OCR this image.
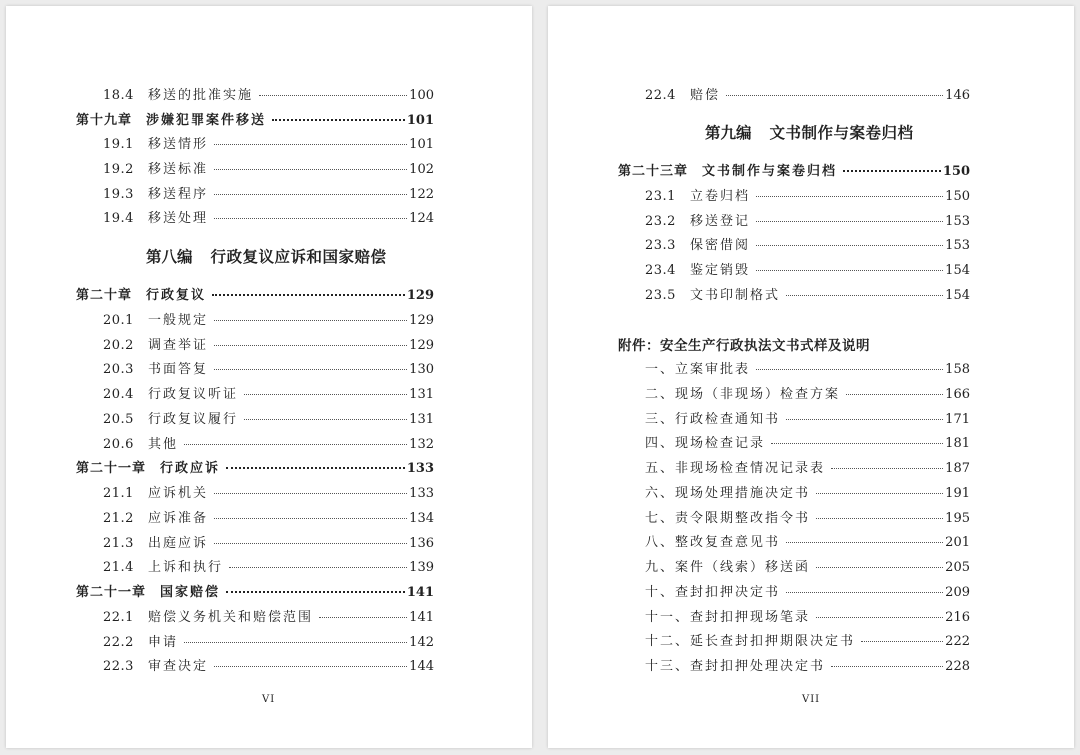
18.4 移送的批准实施	100
第十九章 涉嫌犯罪案件移送	101
19.1 移送情形	101
19.2 移送标准	102
19.3 移送程序	122
19.4 移送处理	124
第八编 行政复议应诉和国家赔偿
第二十章 行政复议	129
20.1 一般规定	129
20.2 调查举证	129
20.3 书面答复	130
20.4 行政复议听证	131
20.5 行政复议履行	131
20.6 其他	132
第二十一章 行政应诉	133
21.1 应诉机关	133
21.2 应诉准备	134
21.3 出庭应诉	136
21.4 上诉和执行	139
第二十一章 国家赔偿	141
22.1 赔偿义务机关和赔偿范围	141
22.2 申请	142
22.3 审查决定	144
VI
22.4 赔偿	146
第九编 文书制作与案卷归档
第二十三章 文书制作与案卷归档	150
23.1 立卷归档	150
23.2 移送登记	153
23.3 保密借阅	153
23.4 鉴定销毁	154
23.5 文书印制格式	154
附件：安全生产行政执法文书式样及说明
一、立案审批表	158
二、现场（非现场）检查方案	166
三、行政检查通知书	171
四、现场检查记录	181
五、非现场检查情况记录表	187
六、现场处理措施决定书	191
七、责令限期整改指令书	195
八、整改复查意见书	201
九、案件（线索）移送函	205
十、查封扣押决定书	209
十一、查封扣押现场笔录	216
十二、延长查封扣押期限决定书	222
十三、查封扣押处理决定书	228
VII
